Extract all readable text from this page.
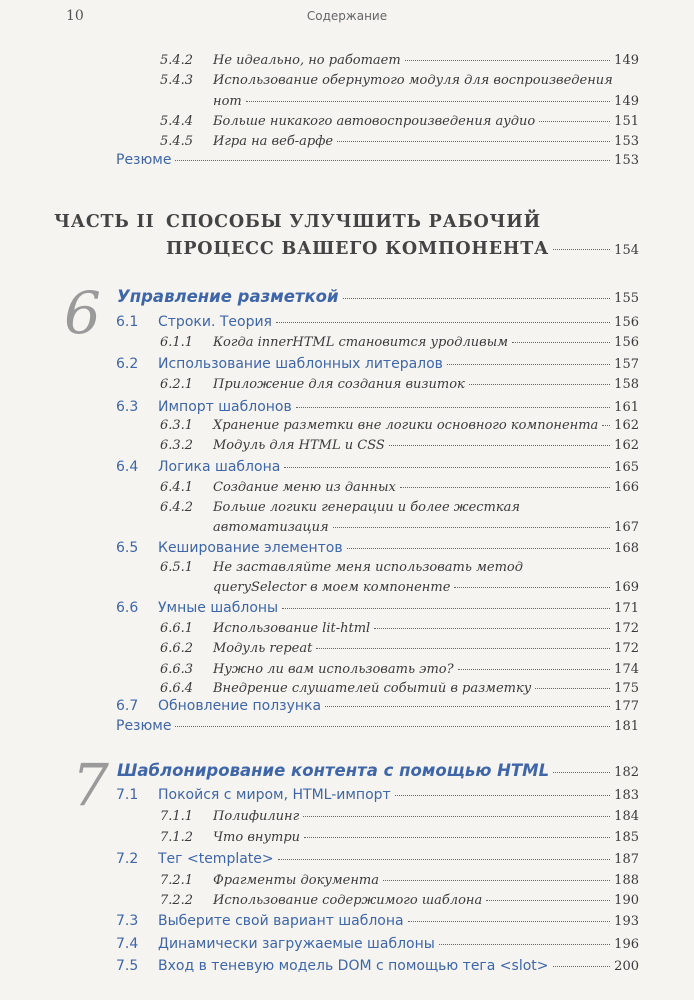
10	Содержание
5.4.2 Не идеально, но работает	149
5.4.3 Использование обернутого модуля для воспроизведения
нот	149
5.4.4 Больше никакого автовоспроизведения аудио	151
5.4.5 Игра на веб-арфе	153
Резюме	153
ЧАСТЬ II СПОСОБЫ УЛУЧШИТЬ РАБОЧИЙ
ПРОЦЕСС ВАШЕГО КОМПОНЕНТА	154
6 Управление разметкой	155
6.1 Строки. Теория	156
6.1.1 Когда innerHTML становится уродливым	156
6.2 Использование шаблонных литералов	157
6.2.1 Приложение для создания визиток	158
6.3 Импорт шаблонов	161
6.3.1 Хранение разметки вне логики основного компонента 162
6.3.2 Модуль для HTML и CSS	162
6.4 Логика шаблона	165
6.4.1 Создание меню из данных	166
6.4.2 Больше логики генерации и более жесткая
автоматизация	167
6.5 Кеширование элементов	168
6.5.1 Не заставляйте меня использовать метод
querySelector в моем компоненте	169
6.6 Умные шаблоны	171
6.6.1 Использование lit-html	172
6.6.2 Модуль repeat	172
6.6.3 Нужно ли вам использовать это?	174
6.6.4 Внедрение слушателей событий в разметку	175
6.7 Обновление ползунка	177
Резюме	181
7 Шаблонирование контента с помощью HTML	182
7.1 Покойся с миром, HTML-импорт	183
7.1.1 Полифилинг	184
7.1.2 Что внутри	185
7.2 Тег <template>	187
7.2.1 Фрагменты документа	188
7.2.2 Использование содержимого шаблона	190
7.3 Выберите свой вариант шаблона	193
7.4 Динамически загружаемые шаблоны	196
7.5 Вход в теневую модель DOM с помощью тега <slot>	200
